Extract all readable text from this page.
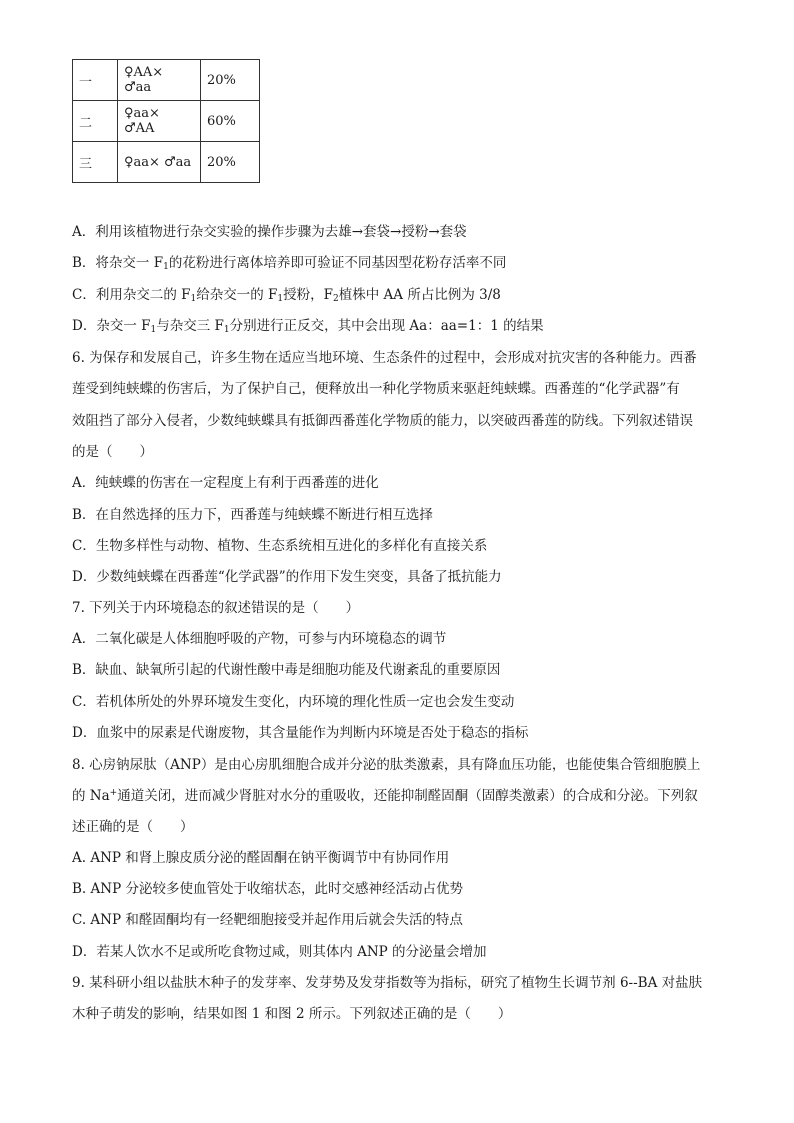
一	♀AA× ♂aa	20%
二	♀aa× ♂AA	60%
三	♀aa× ♂aa	20%
A．利用该植物进行杂交实验的操作步骤为去雄→套袋→授粉→套袋
B．将杂交一 $F_1$的花粉进行离体培养即可验证不同基因型花粉存活率不同
C．利用杂交二的 $F_1$给杂交一的 $F_1$授粉，$F_2$植株中 AA 所占比例为 3/8
D．杂交一 $F_1$与杂交三 $F_1$分别进行正反交，其中会出现 Aa：aa=1：1 的结果
6. 为保存和发展自己，许多生物在适应当地环境、生态条件的过程中，会形成对抗灾害的各种能力。西番
莲受到纯蛱蝶的伤害后，为了保护自己，便释放出一种化学物质来驱赶纯蛱蝶。西番莲的“化学武器”有
效阻挡了部分入侵者，少数纯蛱蝶具有抵御西番莲化学物质的能力，以突破西番莲的防线。下列叙述错误
的是（　　）
A．纯蛱蝶的伤害在一定程度上有利于西番莲的进化
B．在自然选择的压力下，西番莲与纯蛱蝶不断进行相互选择
C．生物多样性与动物、植物、生态系统相互进化的多样化有直接关系
D．少数纯蛱蝶在西番莲“化学武器”的作用下发生突变，具备了抵抗能力
7. 下列关于内环境稳态的叙述错误的是（　　）
A．二氧化碳是人体细胞呼吸的产物，可参与内环境稳态的调节
B．缺血、缺氧所引起的代谢性酸中毒是细胞功能及代谢紊乱的重要原因
C．若机体所处的外界环境发生变化，内环境的理化性质一定也会发生变动
D．血浆中的尿素是代谢废物，其含量能作为判断内环境是否处于稳态的指标
8. 心房钠尿肽（ANP）是由心房肌细胞合成并分泌的肽类激素，具有降血压功能，也能使集合管细胞膜上
的 Na+通道关闭，进而减少肾脏对水分的重吸收，还能抑制醛固酮（固醇类激素）的合成和分泌。下列叙
述正确的是（　　）
A. ANP 和肾上腺皮质分泌的醛固酮在钠平衡调节中有协同作用
B. ANP 分泌较多使血管处于收缩状态，此时交感神经活动占优势
C. ANP 和醛固酮均有一经靶细胞接受并起作用后就会失活的特点
D．若某人饮水不足或所吃食物过咸，则其体内 ANP 的分泌量会增加
9. 某科研小组以盐肤木种子的发芽率、发芽势及发芽指数等为指标，研究了植物生长调节剂 6--BA 对盐肤
木种子萌发的影响，结果如图 1 和图 2 所示。下列叙述正确的是（　　）
